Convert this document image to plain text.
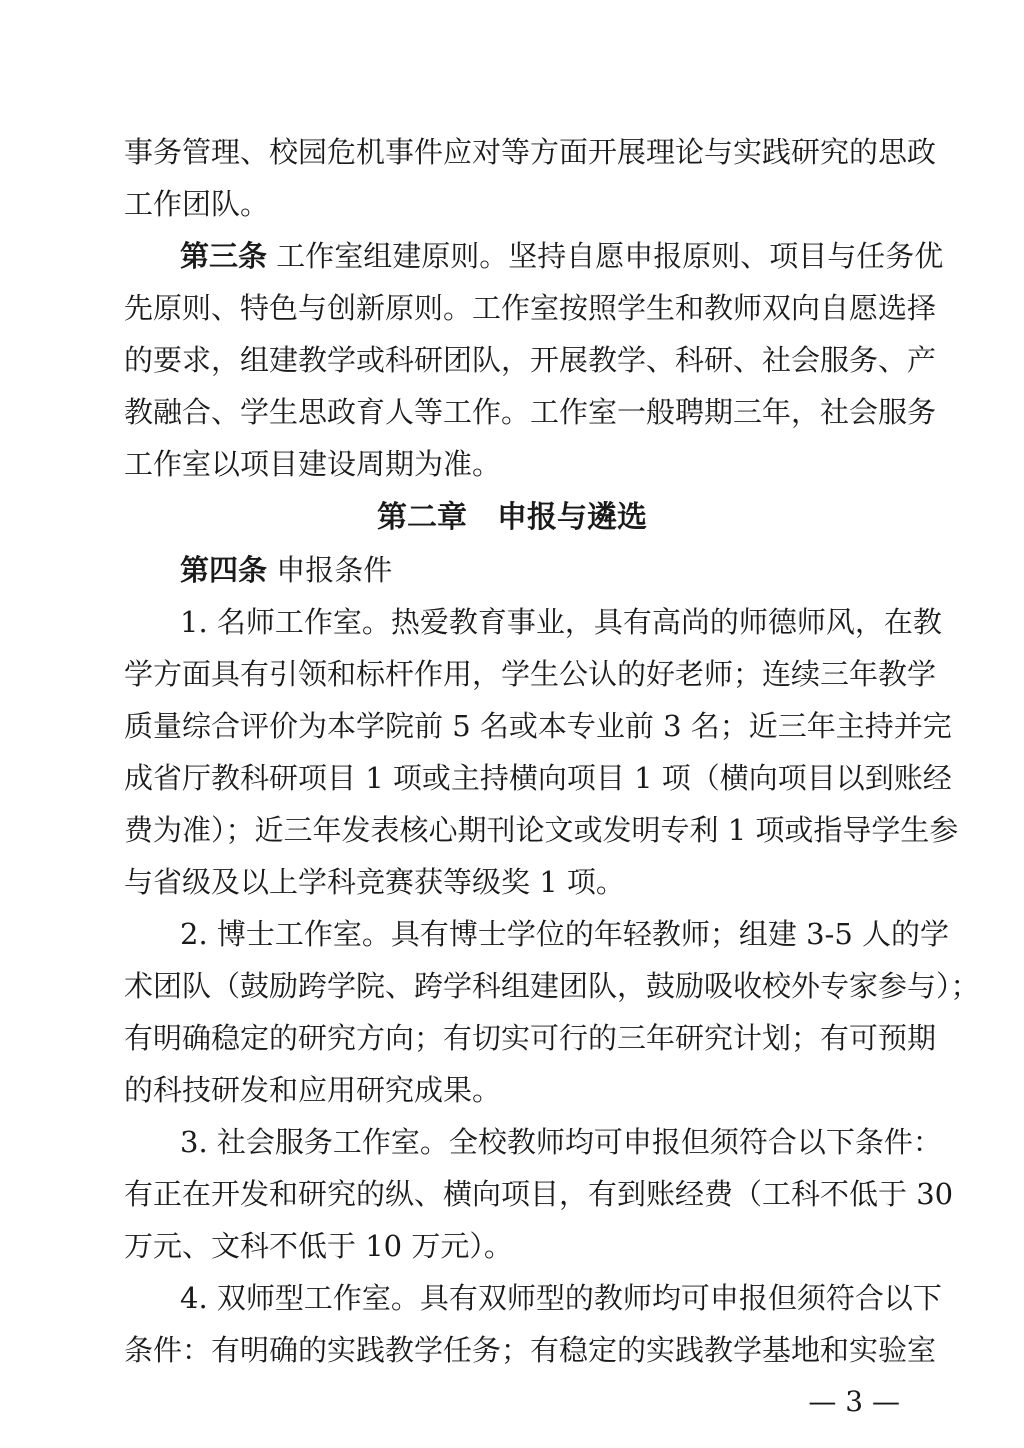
事务管理、校园危机事件应对等方面开展理论与实践研究的思政
工作团队。
第三条 工作室组建原则。坚持自愿申报原则、项目与任务优
先原则、特色与创新原则。工作室按照学生和教师双向自愿选择
的要求，组建教学或科研团队，开展教学、科研、社会服务、产
教融合、学生思政育人等工作。工作室一般聘期三年，社会服务
工作室以项目建设周期为准。
第二章　申报与遴选
第四条 申报条件
1. 名师工作室。热爱教育事业，具有高尚的师德师风，在教
学方面具有引领和标杆作用，学生公认的好老师；连续三年教学
质量综合评价为本学院前 5 名或本专业前 3 名；近三年主持并完
成省厅教科研项目 1 项或主持横向项目 1 项（横向项目以到账经
费为准）；近三年发表核心期刊论文或发明专利 1 项或指导学生参
与省级及以上学科竞赛获等级奖 1 项。
2. 博士工作室。具有博士学位的年轻教师；组建 3-5 人的学
术团队（鼓励跨学院、跨学科组建团队，鼓励吸收校外专家参与）；
有明确稳定的研究方向；有切实可行的三年研究计划；有可预期
的科技研发和应用研究成果。
3. 社会服务工作室。全校教师均可申报但须符合以下条件：
有正在开发和研究的纵、横向项目，有到账经费（工科不低于 30
万元、文科不低于 10 万元）。
4. 双师型工作室。具有双师型的教师均可申报但须符合以下
条件：有明确的实践教学任务；有稳定的实践教学基地和实验室
— 3 —
